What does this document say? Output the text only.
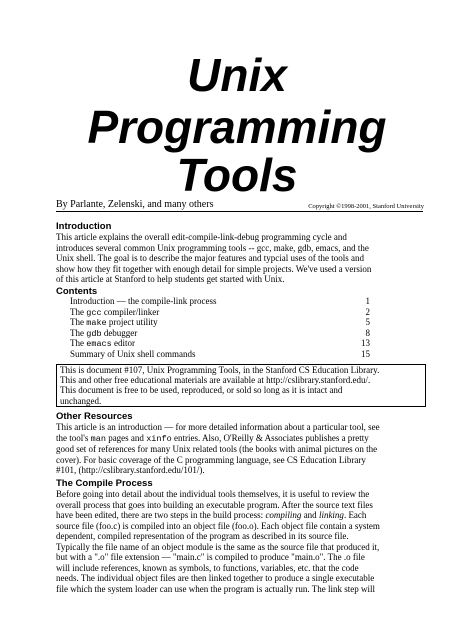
Unix
Programming
Tools
By Parlante, Zelenski, and many others	Copyright ©1998-2001, Stanford University
Introduction
This article explains the overall edit-compile-link-debug programming cycle and
introduces several common Unix programming tools -- gcc, make, gdb, emacs, and the
Unix shell. The goal is to describe the major features and typcial uses of the tools and
show how they fit together with enough detail for simple projects. We've used a version
of this article at Stanford to help students get started with Unix.
Contents
Introduction — the compile-link process	1
The gcc compiler/linker	2
The make project utility	5
The gdb debugger	8
The emacs editor	13
Summary of Unix shell commands	15
This is document #107, Unix Programming Tools, in the Stanford CS Education Library.
This and other free educational materials are available at http://cslibrary.stanford.edu/.
This document is free to be used, reproduced, or sold so long as it is intact and
unchanged.
Other Resources
This article is an introduction — for more detailed information about a particular tool, see
the tool's man pages and xinfo entries. Also, O'Reilly & Associates publishes a pretty
good set of references for many Unix related tools (the books with animal pictures on the
cover). For basic coverage of the C programming language, see CS Education Library
#101, (http://cslibrary.stanford.edu/101/).
The Compile Process
Before going into detail about the individual tools themselves, it is useful to review the
overall process that goes into building an executable program. After the source text files
have been edited, there are two steps in the build process: compiling and linking. Each
source file (foo.c) is compiled into an object file (foo.o). Each object file contain a system
dependent, compiled representation of the program as described in its source file.
Typically the file name of an object module is the same as the source file that produced it,
but with a ".o" file extension — "main.c" is compiled to produce "main.o". The .o file
will include references, known as symbols, to functions, variables, etc. that the code
needs. The individual object files are then linked together to produce a single executable
file which the system loader can use when the program is actually run. The link step will
